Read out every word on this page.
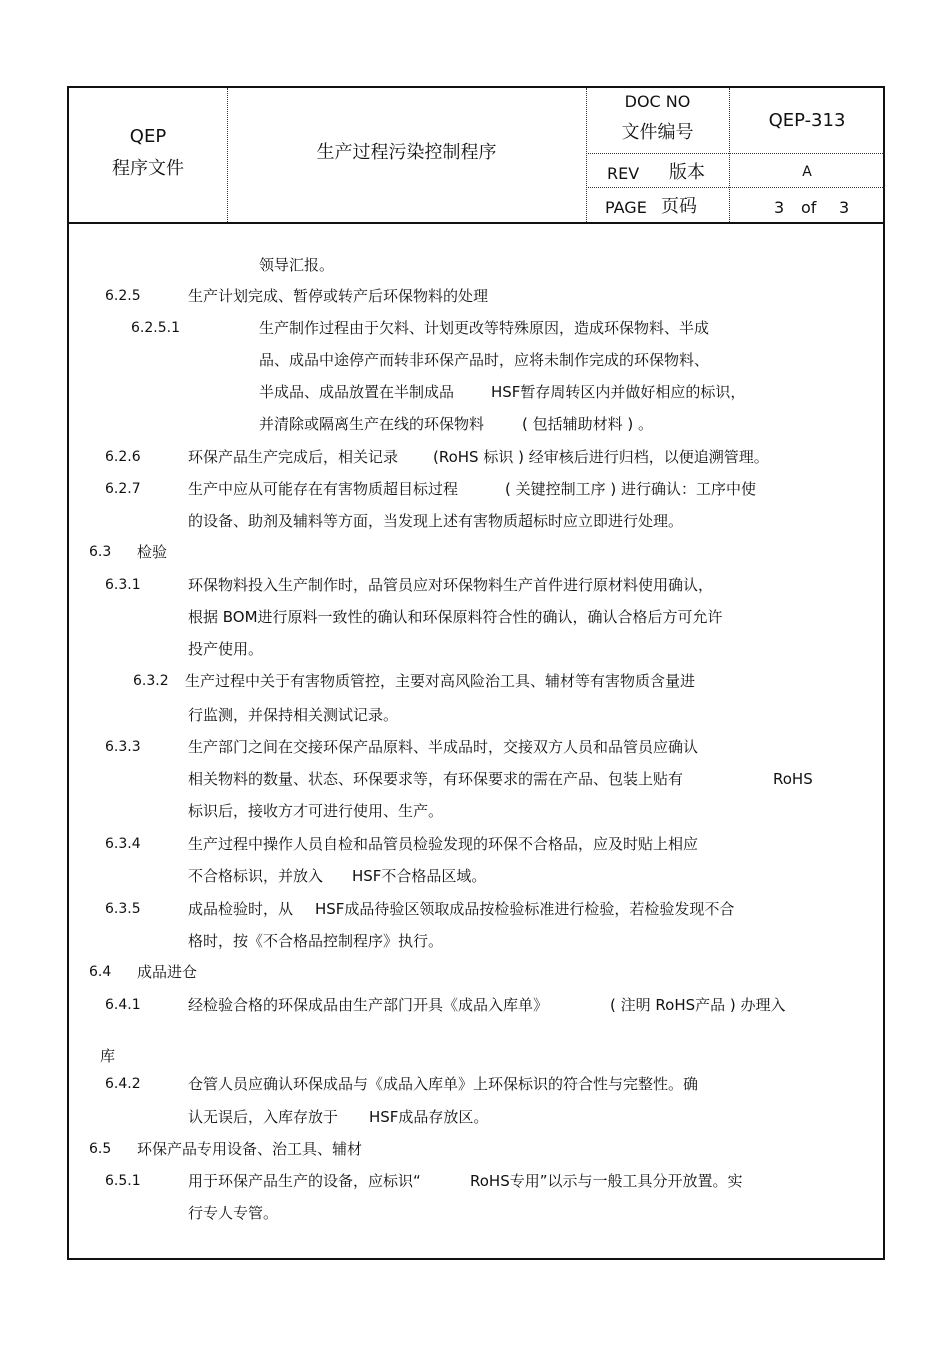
QEP
程序文件
生产过程污染控制程序
DOC NO
文件编号
QEP-313
REV 版本	A
PAGE 页码	3 of 3
领导汇报。
6.2.5	生产计划完成、暂停或转产后环保物料的处理
6.2.5.1	生产制作过程由于欠料、计划更改等特殊原因，造成环保物料、半成
品、成品中途停产而转非环保产品时，应将未制作完成的环保物料、
半成品、成品放置在半制成品 HSF暂存周转区内并做好相应的标识，
并清除或隔离生产在线的环保物料	( 包括辅助材料 ) 。
6.2.6	环保产品生产完成后，相关记录 (RoHS 标识 ) 经审核后进行归档，以便追溯管理。
6.2.7	生产中应从可能存在有害物质超目标过程	( 关键控制工序 ) 进行确认：工序中使
的设备、助剂及辅料等方面，当发现上述有害物质超标时应立即进行处理。
6.3 检验
6.3.1	环保物料投入生产制作时，品管员应对环保物料生产首件进行原材料使用确认，
根据 BOM进行原料一致性的确认和环保原料符合性的确认，确认合格后方可允许
投产使用。
6.3.2 生产过程中关于有害物质管控，主要对高风险治工具、辅材等有害物质含量进
行监测，并保持相关测试记录。
6.3.3	生产部门之间在交接环保产品原料、半成品时，交接双方人员和品管员应确认
相关物料的数量、状态、环保要求等，有环保要求的需在产品、包装上贴有	RoHS
标识后，接收方才可进行使用、生产。
6.3.4	生产过程中操作人员自检和品管员检验发现的环保不合格品，应及时贴上相应
不合格标识，并放入 HSF不合格品区域。
6.3.5	成品检验时，从 HSF成品待验区领取成品按检验标准进行检验，若检验发现不合
格时，按《不合格品控制程序》执行。
6.4 成品进仓
6.4.1	经检验合格的环保成品由生产部门开具《成品入库单》	( 注明 RoHS产品 ) 办理入
库
6.4.2	仓管人员应确认环保成品与《成品入库单》上环保标识的符合性与完整性。确
认无误后，入库存放于 HSF成品存放区。
6.5 环保产品专用设备、治工具、辅材
6.5.1	用于环保产品生产的设备，应标识“	RoHS专用”以示与一般工具分开放置。实
行专人专管。
